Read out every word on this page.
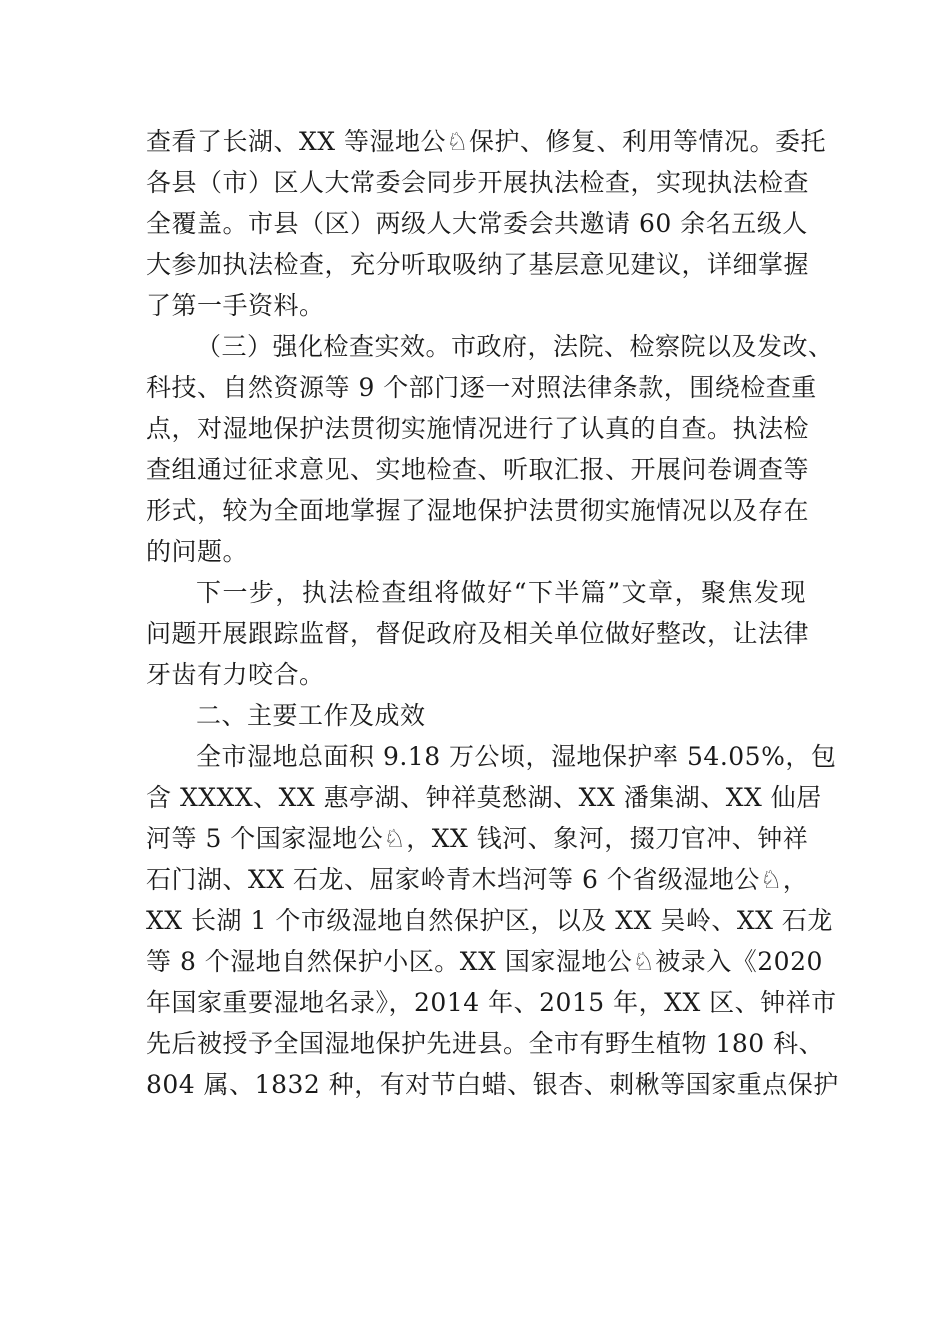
查看了长湖、XX 等湿地公♘保护、修复、利用等情况。委托
各县（市）区人大常委会同步开展执法检查，实现执法检查
全覆盖。市县（区）两级人大常委会共邀请 60 余名五级人
大参加执法检查，充分听取吸纳了基层意见建议，详细掌握
了第一手资料。
（三）强化检查实效。市政府，法院、检察院以及发改、
科技、自然资源等 9 个部门逐一对照法律条款，围绕检查重
点，对湿地保护法贯彻实施情况进行了认真的自查。执法检
查组通过征求意见、实地检查、听取汇报、开展问卷调查等
形式，较为全面地掌握了湿地保护法贯彻实施情况以及存在
的问题。
下一步，执法检查组将做好“下半篇”文章，聚焦发现
问题开展跟踪监督，督促政府及相关单位做好整改，让法律
牙齿有力咬合。
二、主要工作及成效
全市湿地总面积 9.18 万公顷，湿地保护率 54.05%，包
含 XXXX、XX 惠亭湖、钟祥莫愁湖、XX 潘集湖、XX 仙居
河等 5 个国家湿地公♘，XX 钱河、象河，掇刀官冲、钟祥
石门湖、XX 石龙、屈家岭青木垱河等 6 个省级湿地公♘，
XX 长湖 1 个市级湿地自然保护区，以及 XX 吴岭、XX 石龙
等 8 个湿地自然保护小区。XX 国家湿地公♘被录入《2020
年国家重要湿地名录》，2014 年、2015 年，XX 区、钟祥市
先后被授予全国湿地保护先进县。全市有野生植物 180 科、
804 属、1832 种，有对节白蜡、银杏、刺楸等国家重点保护
